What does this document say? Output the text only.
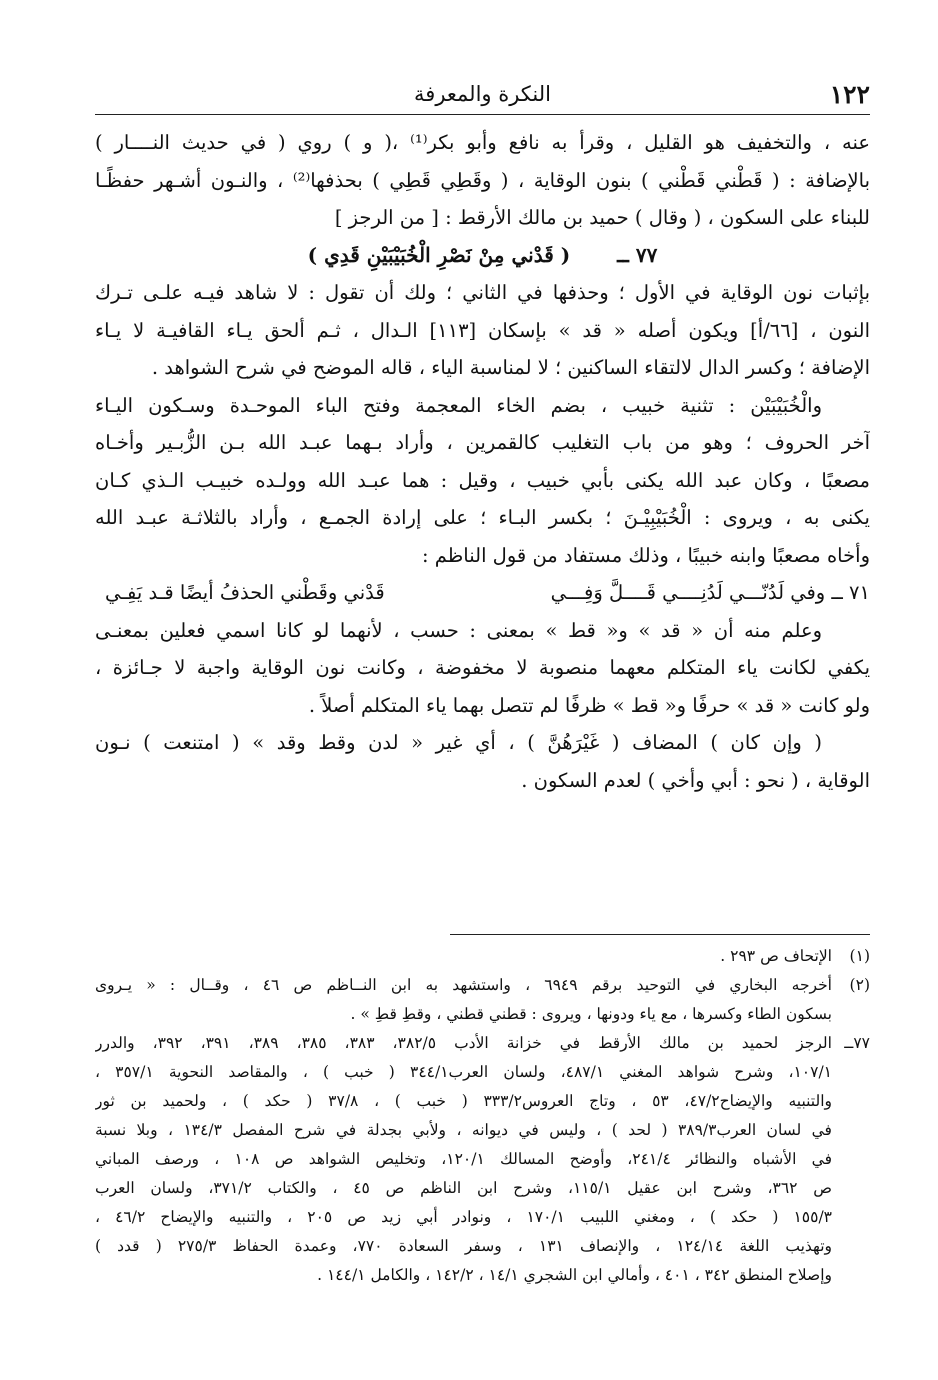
١٢٢
النكرة والمعرفة
عنه ، والتخفيف هو القليل ، وقرأ به نافع وأبو بكر⁽¹⁾ ،( و ) روي ( في حديث النــــار )
بالإضافة : ( قَطْني قَطْني ) بنون الوقاية ، ( وقَطِي قَطِي ) بحذفها⁽²⁾ ، والنـون أشـهر حفظًـا
للبناء على السكون ، ( وقال ) حميد بن مالك الأرقط : [ من الرجز ]
٧٧ ــ ( قَدْني مِنْ نَصْرِ الْخُبَيْبَيْنِ قَدِي )
بإثبات نون الوقاية في الأول ؛ وحذفها في الثاني ؛ ولك أن تقول : لا شاهد فيـه علـى تـرك
النون ، [٦٦/أ] ويكون أصله « قد » بإسكان [١١٣] الـدال ، ثـم ألحق يـاء القافيـة لا يـاء
الإضافة ؛ وكسر الدال لالتقاء الساكنين ؛ لا لمناسبة الياء ، قاله الموضح في شرح الشواهد .
والْخُبَيْبَيْن : تثنية خبيب ، بضم الخاء المعجمة وفتح الباء الموحـدة وسـكون اليـاء
آخر الحروف ؛ وهو من باب التغليب كالقمرين ، وأراد بـهما عبـد الله بـن الزُّبـير وأخـاه
مصعبًا ، وكان عبد الله يكنى بأبي خبيب ، وقيل : هما عبـد الله وولـده خبيـب الـذي كـان
يكنى به ، ويروى : الْخُبَيْبِيْـنَ ؛ بكسر البـاء ؛ على إرادة الجمـع ، وأراد بالثلاثـة عبـد الله
وأخاه مصعبًا وابنه خبيبًا ، وذلك مستفاد من قول الناظم :
٧١ ــ وفي لَدُنّـــي لَدُنِــــي قَــــلَّ وَفِـــي
قَدْني وقَطْني الحذفُ أيضًا قـد يَفِـي
وعلم منه أن « قد » و« قط » بمعنى : حسب ، لأنهما لو كانا اسمي فعلين بمعنـى
يكفي لكانت ياء المتكلم معهما منصوبة لا مخفوضة ، وكانت نون الوقاية واجبة لا جـائزة ،
ولو كانت « قد » حرفًا و« قط » ظرفًا لم تتصل بهما ياء المتكلم أصلاً .
( وإن كان ) المضاف ( غَيْرَهُنَّ ) ، أي غير « لدن وقط وقد » ( امتنعت ) نـون
الوقاية ، ( نحو : أبي وأخي ) لعدم السكون .
(١)
الإتحاف ص ٢٩٣ .
(٢)
أخرجه البخاري في التوحيد برقم ٦٩٤٩ ، واستشهد به ابن النــاظم ص ٤٦ ، وقــال : « يـروى
بسكون الطاء وكسرها ، مع ياء ودونها ، ويروى : قطني قطني ، وقطِ قطِ » .
٧٧ــ
الرجز لحميد بن مالك الأرقط في خزانة الأدب ٣٨٢/٥، ٣٨٣، ٣٨٥، ٣٨٩، ٣٩١، ٣٩٢، والدرر
١٠٧/١، وشرح شواهد المغني ٤٨٧/١، ولسان العرب٣٤٤/١ ( خبب ) ، والمقاصد النحوية ٣٥٧/١ ،
والتنبيه والإيضاح٤٧/٢، ٥٣ ، وتاج العروس٣٣٣/٢ ( خبب ) ، ٣٧/٨ ( حكد ) ، ولحميد بن ثور
في لسان العرب٣٨٩/٣ ( لحد ) ، وليس في ديوانه ، ولأبي بجدلة في شرح المفصل ١٣٤/٣ ، وبلا نسبة
في الأشباه والنظائر ٢٤١/٤، وأوضح المسالك ١٢٠/١، وتخليص الشواهد ص ١٠٨ ، ورصف المباني
ص ٣٦٢، وشرح ابن عقيل ١١٥/١، وشرح ابن الناظم ص ٤٥ ، والكتاب ٣٧١/٢، ولسان العرب
١٥٥/٣ ( حكد ) ، ومغني اللبيب ١٧٠/١ ، ونوادر أبي زيد ص ٢٠٥ ، والتنبيه والإيضاح ٤٦/٢ ،
وتهذيب اللغة ١٢٤/١٤ ، والإنصاف ١٣١ ، وسفر السعادة ٧٧٠، وعمدة الحفاظ ٢٧٥/٣ ( قدد )
وإصلاح المنطق ٣٤٢ ، ٤٠١ ، وأمالي ابن الشجري ١٤/١ ، ١٤٢/٢ ، والكامل ١٤٤/١ .
